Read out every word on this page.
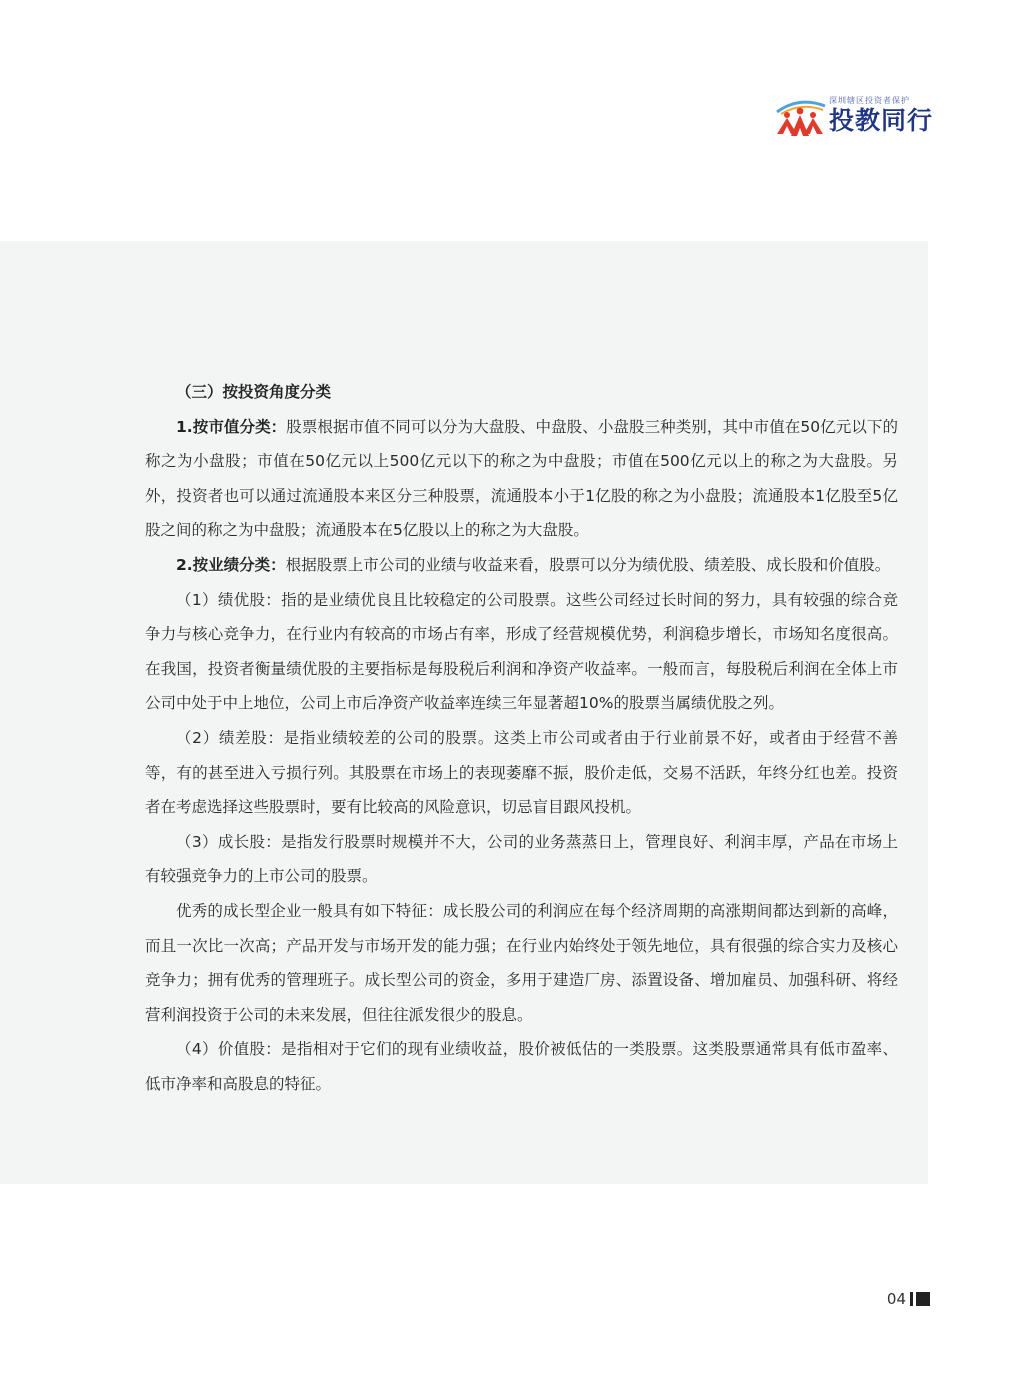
深圳辖区投资者保护
投教同行

（三）按投资角度分类

1.按市值分类：股票根据市值不同可以分为大盘股、中盘股、小盘股三种类别，其中市值在50亿元以下的称之为小盘股；市值在50亿元以上500亿元以下的称之为中盘股；市值在500亿元以上的称之为大盘股。另外，投资者也可以通过流通股本来区分三种股票，流通股本小于1亿股的称之为小盘股；流通股本1亿股至5亿股之间的称之为中盘股；流通股本在5亿股以上的称之为大盘股。

2.按业绩分类：根据股票上市公司的业绩与收益来看，股票可以分为绩优股、绩差股、成长股和价值股。

（1）绩优股：指的是业绩优良且比较稳定的公司股票。这些公司经过长时间的努力，具有较强的综合竞争力与核心竞争力，在行业内有较高的市场占有率，形成了经营规模优势，利润稳步增长，市场知名度很高。在我国，投资者衡量绩优股的主要指标是每股税后利润和净资产收益率。一般而言，每股税后利润在全体上市公司中处于中上地位，公司上市后净资产收益率连续三年显著超10%的股票当属绩优股之列。

（2）绩差股：是指业绩较差的公司的股票。这类上市公司或者由于行业前景不好，或者由于经营不善等，有的甚至进入亏损行列。其股票在市场上的表现萎靡不振，股价走低，交易不活跃，年终分红也差。投资者在考虑选择这些股票时，要有比较高的风险意识，切忌盲目跟风投机。

（3）成长股：是指发行股票时规模并不大，公司的业务蒸蒸日上，管理良好、利润丰厚，产品在市场上有较强竞争力的上市公司的股票。

优秀的成长型企业一般具有如下特征：成长股公司的利润应在每个经济周期的高涨期间都达到新的高峰，而且一次比一次高；产品开发与市场开发的能力强；在行业内始终处于领先地位，具有很强的综合实力及核心竞争力；拥有优秀的管理班子。成长型公司的资金，多用于建造厂房、添置设备、增加雇员、加强科研、将经营利润投资于公司的未来发展，但往往派发很少的股息。

（4）价值股：是指相对于它们的现有业绩收益，股价被低估的一类股票。这类股票通常具有低市盈率、低市净率和高股息的特征。

04
